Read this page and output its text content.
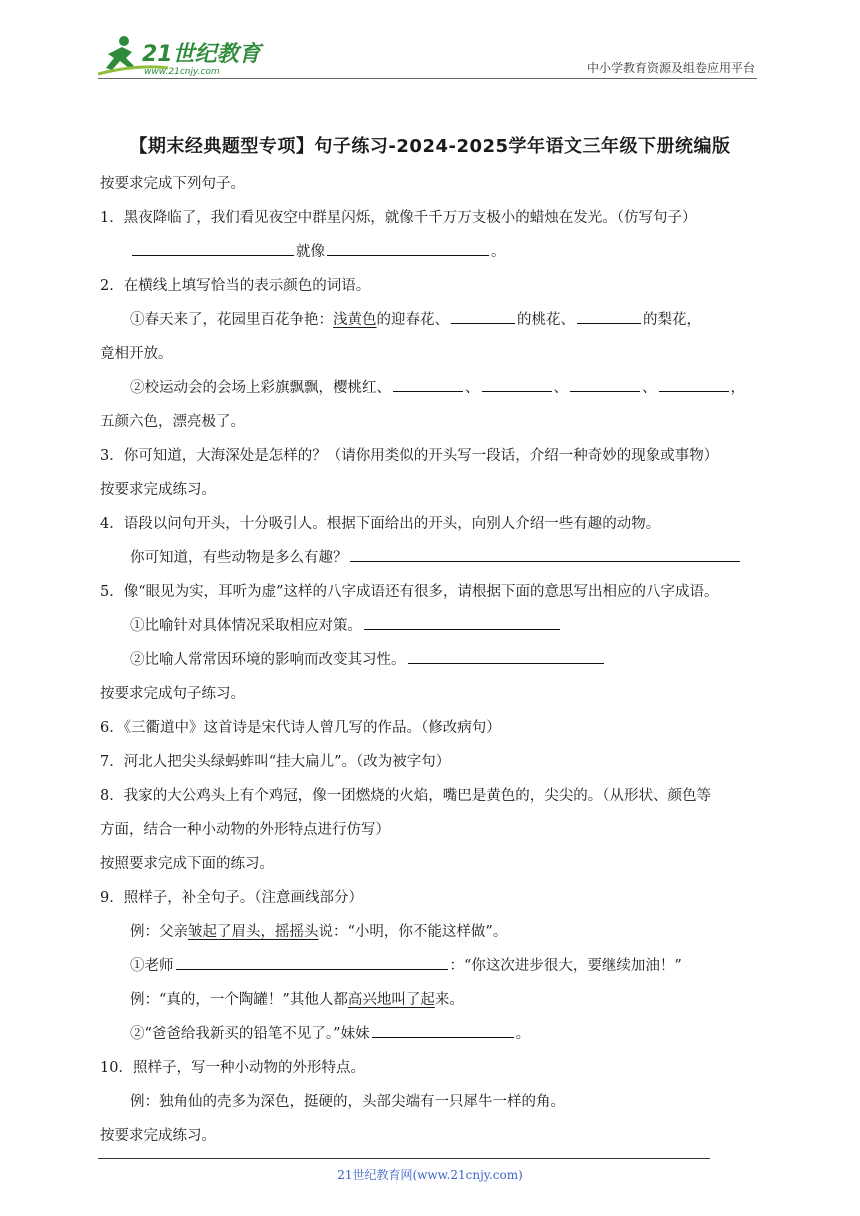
21世纪教育
www.21cnjy.com	中小学教育资源及组卷应用平台
【期末经典题型专项】句子练习-2024-2025学年语文三年级下册统编版
按要求完成下列句子。
1．黑夜降临了，我们看见夜空中群星闪烁，就像千千万万支极小的蜡烛在发光。（仿写句子）
就像	。
2．在横线上填写恰当的表示颜色的词语。
①春天来了，花园里百花争艳：浅黄色的迎春花、	的桃花、	的梨花，
竟相开放。
②校运动会的会场上彩旗飘飘，樱桃红、	、	、	、	，
五颜六色，漂亮极了。
3．你可知道，大海深处是怎样的？（请你用类似的开头写一段话，介绍一种奇妙的现象或事物）
按要求完成练习。
4．语段以问句开头，十分吸引人。根据下面给出的开头，向别人介绍一些有趣的动物。
你可知道，有些动物是多么有趣？
5．像“眼见为实，耳听为虚”这样的八字成语还有很多，请根据下面的意思写出相应的八字成语。
①比喻针对具体情况采取相应对策。
②比喻人常常因环境的影响而改变其习性。
按要求完成句子练习。
6．《三衢道中》这首诗是宋代诗人曾几写的作品。（修改病句）
7．河北人把尖头绿蚂蚱叫“挂大扁儿”。（改为被字句）
8．我家的大公鸡头上有个鸡冠，像一团燃烧的火焰，嘴巴是黄色的，尖尖的。（从形状、颜色等
方面，结合一种小动物的外形特点进行仿写）
按照要求完成下面的练习。
9．照样子，补全句子。（注意画线部分）
例：父亲皱起了眉头，摇摇头说：“小明，你不能这样做”。
①老师	：“你这次进步很大，要继续加油！”
例：“真的，一个陶罐！”其他人都高兴地叫了起来。
②“爸爸给我新买的铅笔不见了。”妹妹	。
10．照样子，写一种小动物的外形特点。
例：独角仙的壳多为深色，挺硬的，头部尖端有一只犀牛一样的角。
按要求完成练习。
21世纪教育网(www.21cnjy.com)
